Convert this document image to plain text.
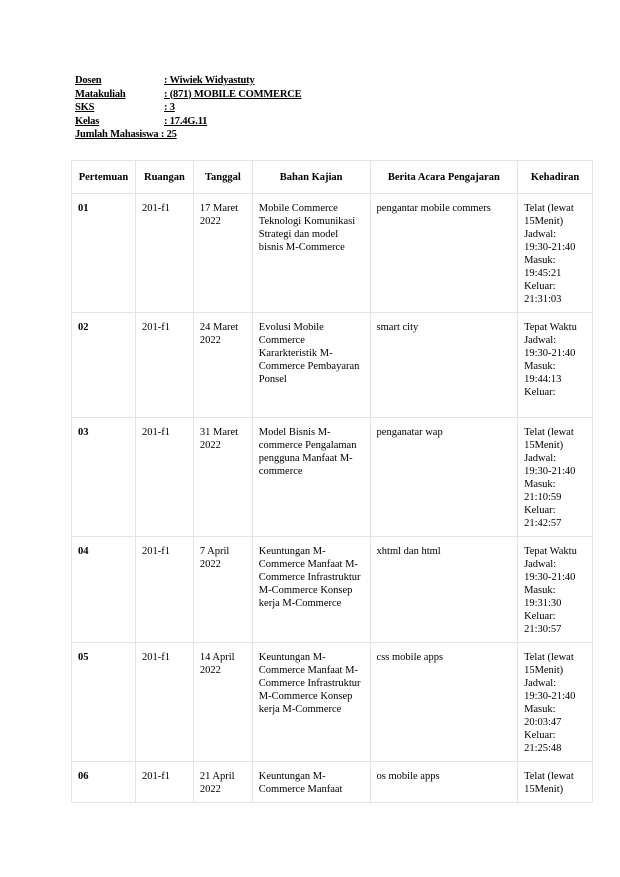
Dosen	: Wiwiek Widyastuty
Matakuliah	: (871) MOBILE COMMERCE
SKS	: 3
Kelas	: 17.4G.11
Jumlah Mahasiswa : 25
Pertemuan	Ruangan	Tanggal	Bahan Kajian	Berita Acara Pengajaran	Kehadiran
01	201-f1	17 Maret 2022	Mobile Commerce Teknologi Komunikasi Strategi dan model bisnis M-Commerce	pengantar mobile commers	Telat (lewat 15Menit) Jadwal: 19:30-21:40 Masuk: 19:45:21 Keluar: 21:31:03
02	201-f1	24 Maret 2022	Evolusi Mobile Commerce Kararkteristik M-Commerce Pembayaran Ponsel	smart city	Tepat Waktu Jadwal: 19:30-21:40 Masuk: 19:44:13 Keluar:
03	201-f1	31 Maret 2022	Model Bisnis M-commerce Pengalaman pengguna Manfaat M-commerce	penganatar wap	Telat (lewat 15Menit) Jadwal: 19:30-21:40 Masuk: 21:10:59 Keluar: 21:42:57
04	201-f1	7 April 2022	Keuntungan M-Commerce Manfaat M-Commerce Infrastruktur M-Commerce Konsep kerja M-Commerce	xhtml dan html	Tepat Waktu Jadwal: 19:30-21:40 Masuk: 19:31:30 Keluar: 21:30:57
05	201-f1	14 April 2022	Keuntungan M-Commerce Manfaat M-Commerce Infrastruktur M-Commerce Konsep kerja M-Commerce	css mobile apps	Telat (lewat 15Menit) Jadwal: 19:30-21:40 Masuk: 20:03:47 Keluar: 21:25:48
06	201-f1	21 April 2022	Keuntungan M-Commerce Manfaat	os mobile apps	Telat (lewat 15Menit)
